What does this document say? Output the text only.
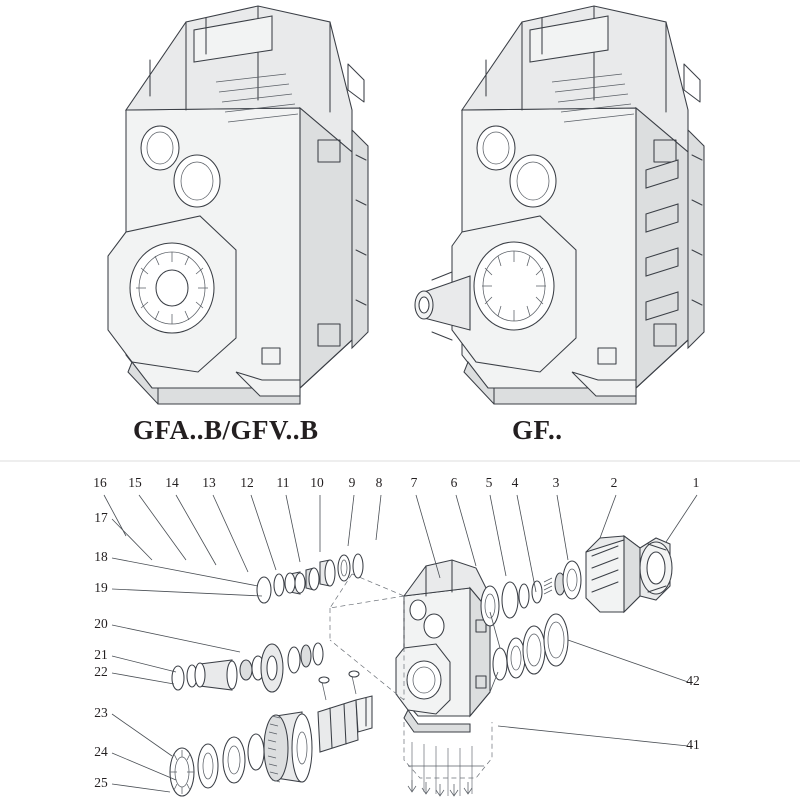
GFA..B/GFV..B	GF..
16 15 14 13 12 11 10	9	8	7	6	5	4	3	2	1
17
18
19
20
21
22
23
24
25
42
41
